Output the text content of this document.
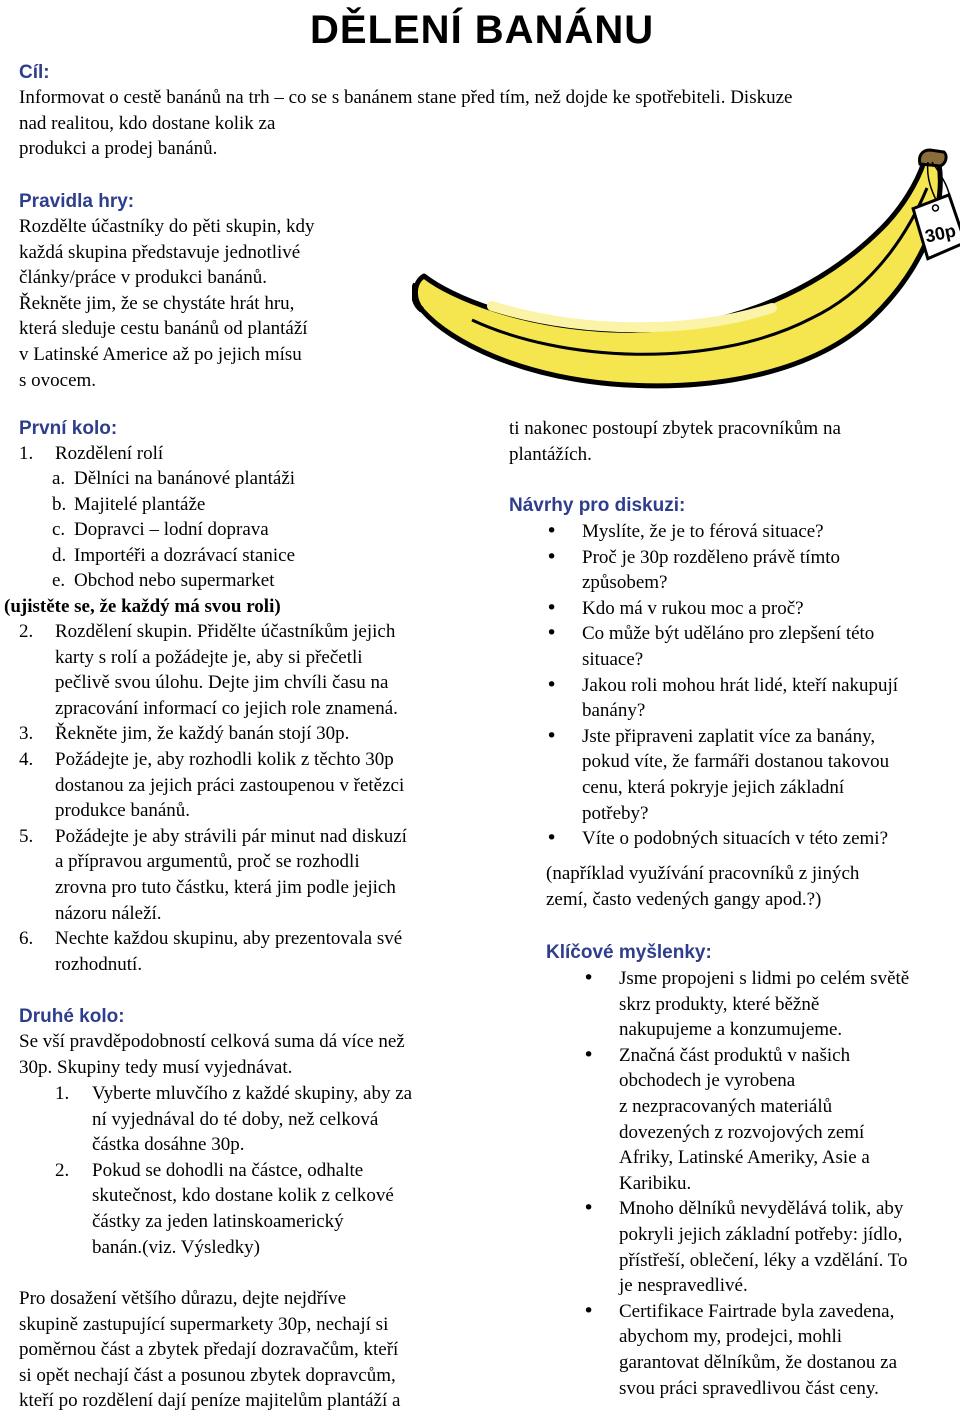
DĚLENÍ BANÁNU
Cíl:
Informovat o cestě banánů na trh – co se s banánem stane před tím, než dojde ke spotřebiteli. Diskuze
nad realitou, kdo dostane kolik za
produkci a prodej banánů.
Pravidla hry:
Rozdělte účastníky do pěti skupin, kdy
každá skupina představuje jednotlivé
články/práce v produkci banánů.
Řekněte jim, že se chystáte hrát hru,
která sleduje cestu banánů od plantáží
v Latinské Americe až po jejich mísu
s ovocem.
30p
První kolo:
1. Rozdělení rolí
a. Dělníci na banánové plantáži
b. Majitelé plantáže
c. Dopravci – lodní doprava
d. Importéři a dozrávací stanice
e. Obchod nebo supermarket
(ujistěte se, že každý má svou roli)
2. Rozdělení skupin. Přidělte účastníkům jejich
karty s rolí a požádejte je, aby si přečetli
pečlivě svou úlohu. Dejte jim chvíli času na
zpracování informací co jejich role znamená.
3. Řekněte jim, že každý banán stojí 30p.
4. Požádejte je, aby rozhodli kolik z těchto 30p
dostanou za jejich práci zastoupenou v řetězci
produkce banánů.
5. Požádejte je aby strávili pár minut nad diskuzí
a přípravou argumentů, proč se rozhodli
zrovna pro tuto částku, která jim podle jejich
názoru náleží.
6. Nechte každou skupinu, aby prezentovala své
rozhodnutí.
Druhé kolo:
Se vší pravděpodobností celková suma dá více než
30p. Skupiny tedy musí vyjednávat.
1. Vyberte mluvčího z každé skupiny, aby za
ní vyjednával do té doby, než celková
částka dosáhne 30p.
2. Pokud se dohodli na částce, odhalte
skutečnost, kdo dostane kolik z celkové
částky za jeden latinskoamerický
banán.(viz. Výsledky)
Pro dosažení většího důrazu, dejte nejdříve
skupině zastupující supermarkety 30p, nechají si
poměrnou část a zbytek předají dozravačům, kteří
si opět nechají část a posunou zbytek dopravcům,
kteří po rozdělení dají peníze majitelům plantáží a
ti nakonec postoupí zbytek pracovníkům na
plantážích.
Návrhy pro diskuzi:
• Myslíte, že je to férová situace?
• Proč je 30p rozděleno právě tímto
způsobem?
• Kdo má v rukou moc a proč?
• Co může být uděláno pro zlepšení této
situace?
• Jakou roli mohou hrát lidé, kteří nakupují
banány?
• Jste připraveni zaplatit více za banány,
pokud víte, že farmáři dostanou takovou
cenu, která pokryje jejich základní
potřeby?
• Víte o podobných situacích v této zemi?
(například využívání pracovníků z jiných
zemí, často vedených gangy apod.?)
Klíčové myšlenky:
• Jsme propojeni s lidmi po celém světě
skrz produkty, které běžně
nakupujeme a konzumujeme.
• Značná část produktů v našich
obchodech je vyrobena
z nezpracovaných materiálů
dovezených z rozvojových zemí
Afriky, Latinské Ameriky, Asie a
Karibiku.
• Mnoho dělníků nevydělává tolik, aby
pokryli jejich základní potřeby: jídlo,
přístřeší, oblečení, léky a vzdělání. To
je nespravedlivé.
• Certifikace Fairtrade byla zavedena,
abychom my, prodejci, mohli
garantovat dělníkům, že dostanou za
svou práci spravedlivou část ceny.
